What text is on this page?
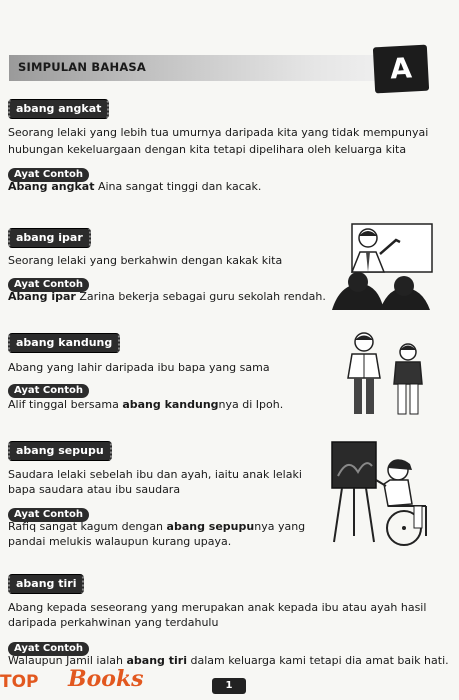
SIMPULAN BAHASA	A
abang angkat
Seorang lelaki yang lebih tua umurnya daripada kita yang tidak mempunyai hubungan kekeluargaan dengan kita tetapi dipelihara oleh keluarga kita
Ayat Contoh
Abang angkat Aina sangat tinggi dan kacak.
abang ipar
Seorang lelaki yang berkahwin dengan kakak kita
Ayat Contoh
Abang ipar Zarina bekerja sebagai guru sekolah rendah.
abang kandung
Abang yang lahir daripada ibu bapa yang sama
Ayat Contoh
Alif tinggal bersama abang kandungnya di Ipoh.
abang sepupu
Saudara lelaki sebelah ibu dan ayah, iaitu anak lelaki
bapa saudara atau ibu saudara
Ayat Contoh
Rafiq sangat kagum dengan abang sepupunya yang
pandai melukis walaupun kurang upaya.
abang tiri
Abang kepada seseorang yang merupakan anak kepada ibu atau ayah hasil
daripada perkahwinan yang terdahulu
Ayat Contoh
Walaupun Jamil ialah abang tiri dalam keluarga kami tetapi dia amat baik hati.
1
TOP Books
